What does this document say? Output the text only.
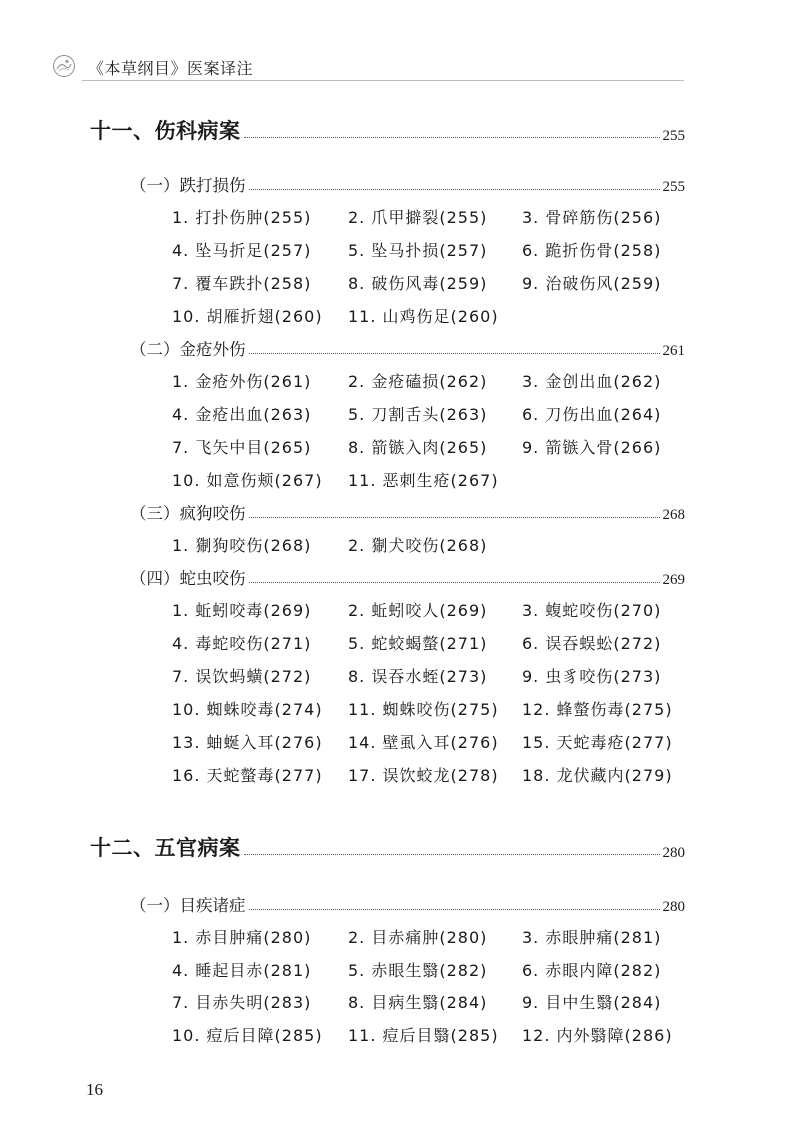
《本草纲目》医案译注
十一、伤科病案	255
（一）跌打损伤	255
1. 打扑伤肿(255) 2. 爪甲擗裂(255) 3. 骨碎筋伤(256)
4. 坠马折足(257) 5. 坠马扑损(257) 6. 跪折伤骨(258)
7. 覆车跌扑(258) 8. 破伤风毒(259) 9. 治破伤风(259)
10. 胡雁折翅(260) 11. 山鸡伤足(260)
（二）金疮外伤	261
1. 金疮外伤(261) 2. 金疮磕损(262) 3. 金创出血(262)
4. 金疮出血(263) 5. 刀割舌头(263) 6. 刀伤出血(264)
7. 飞矢中目(265) 8. 箭镞入肉(265) 9. 箭镞入骨(266)
10. 如意伤颊(267) 11. 恶刺生疮(267)
（三）疯狗咬伤	268
1. 猘狗咬伤(268) 2. 猘犬咬伤(268)
（四）蛇虫咬伤	269
1. 蚯蚓咬毒(269) 2. 蚯蚓咬人(269) 3. 蝮蛇咬伤(270)
4. 毒蛇咬伤(271) 5. 蛇蛟蝎螫(271) 6. 误吞蜈蚣(272)
7. 误饮蚂蟥(272) 8. 误吞水蛭(273) 9. 虫豸咬伤(273)
10. 蜘蛛咬毒(274) 11. 蜘蛛咬伤(275) 12. 蜂螫伤毒(275)
13. 蚰蜒入耳(276) 14. 壁虱入耳(276) 15. 天蛇毒疮(277)
16. 天蛇螫毒(277) 17. 误饮蛟龙(278) 18. 龙伏藏内(279)
十二、五官病案	280
（一）目疾诸症	280
1. 赤目肿痛(280) 2. 目赤痛肿(280) 3. 赤眼肿痛(281)
4. 睡起目赤(281) 5. 赤眼生翳(282) 6. 赤眼内障(282)
7. 目赤失明(283) 8. 目病生翳(284) 9. 目中生翳(284)
10. 痘后目障(285) 11. 痘后目翳(285) 12. 内外翳障(286)
16
